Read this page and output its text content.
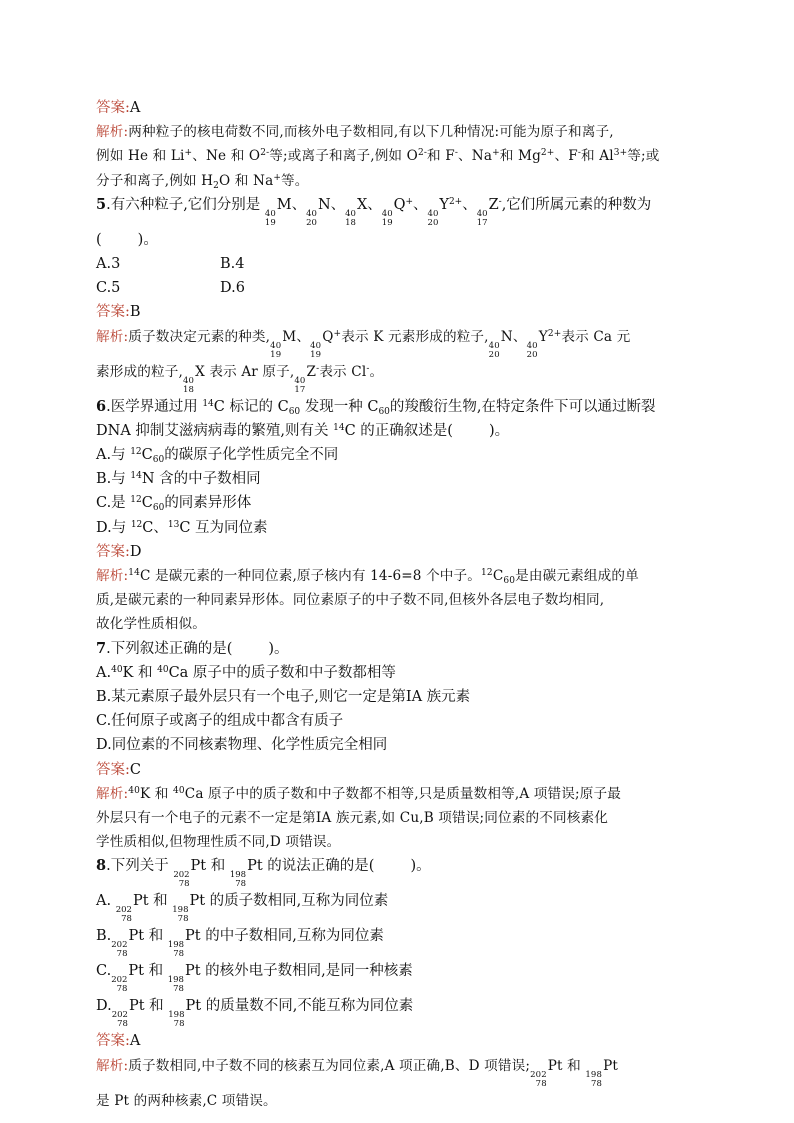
答案:A
解析:两种粒子的核电荷数不同,而核外电子数相同,有以下几种情况:可能为原子和离子,
例如 He 和 Li+、Ne 和 $O^{2-}$等;或离子和离子,例如 $O^{2-}$和 F-、Na+和 $Mg^{2+}$、F-和 $Al^{3+}$等;或
分子和离子,例如 $H_2O$ 和 Na+等。
5.有六种粒子,它们分别是
40
19
M、
40
20
N、
40
18
X、
40
19
Q+、
40
20
$Y^{2+}$、
40
17
Z-,它们所属元素的种数为
( )。
A.3	B.4
C.5	D.6
答案:B
解析:质子数决定元素的种类,
40
19
M、
40
19
Q+表示 K 元素形成的粒子,
40
20
N、
40
20
$Y^{2+}$表示 Ca 元
素形成的粒子,
40
18
X 表示 Ar 原子,
40
17
Z-表示 Cl-。
6.医学界通过用 $^{14}$C 标记的 $C_{60}$ 发现一种 $C_{60}$的羧酸衍生物,在特定条件下可以通过断裂
DNA 抑制艾滋病病毒的繁殖,则有关 $^{14}$C 的正确叙述是( )。
A.与 $^{12}C_{60}$的碳原子化学性质完全不同
B.与 $^{14}$N 含的中子数相同
C.是 $^{12}C_{60}$的同素异形体
D.与 $^{12}$C、$^{13}$C 互为同位素
答案:D
解析:$^{14}$C 是碳元素的一种同位素,原子核内有 14-6=8 个中子。$^{12}C_{60}$是由碳元素组成的单
质,是碳元素的一种同素异形体。同位素原子的中子数不同,但核外各层电子数均相同,
故化学性质相似。
7.下列叙述正确的是( )。
A.$^{40}$K 和 $^{40}$Ca 原子中的质子数和中子数都相等
B.某元素原子最外层只有一个电子,则它一定是第ⅠA 族元素
C.任何原子或离子的组成中都含有质子
D.同位素的不同核素物理、化学性质完全相同
答案:C
解析:$^{40}$K 和 $^{40}$Ca 原子中的质子数和中子数都不相等,只是质量数相等,A 项错误;原子最
外层只有一个电子的元素不一定是第ⅠA 族元素,如 Cu,B 项错误;同位素的不同核素化
学性质相似,但物理性质不同,D 项错误。
8.下列关于
202
78
Pt 和
198
78
Pt 的说法正确的是( )。
A.
202
78
Pt 和
198
78
Pt 的质子数相同,互称为同位素
B.
202
78
Pt 和
198
78
Pt 的中子数相同,互称为同位素
C.
202
78
Pt 和
198
78
Pt 的核外电子数相同,是同一种核素
D.
202
78
Pt 和
198
78
Pt 的质量数不同,不能互称为同位素
答案:A
解析:质子数相同,中子数不同的核素互为同位素,A 项正确,B、D 项错误;
202
78
Pt 和
198
78
Pt
是 Pt 的两种核素,C 项错误。
